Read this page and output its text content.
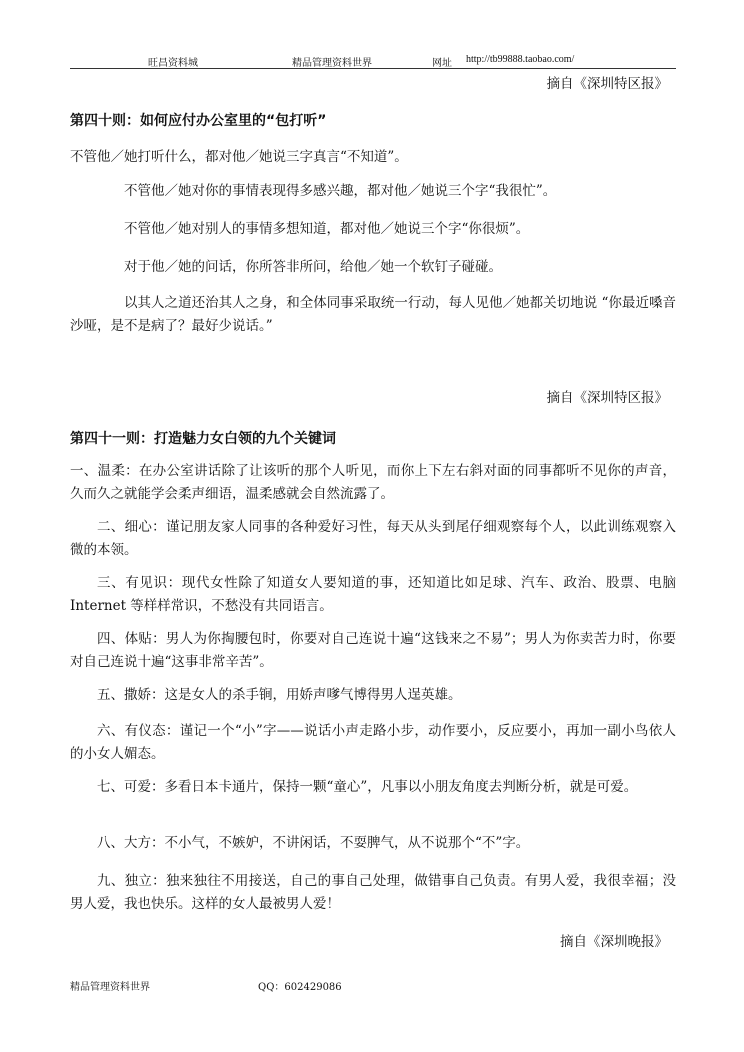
旺昌资料城	精品管理资料世界	网址 http://tb99888.taobao.com/
摘自《深圳特区报》
第四十则：如何应付办公室里的“包打听”

不管他／她打听什么，都对他／她说三字真言“不知道”。

不管他／她对你的事情表现得多感兴趣，都对他／她说三个字“我很忙”。

不管他／她对别人的事情多想知道，都对他／她说三个字“你很烦”。

对于他／她的问话，你所答非所问，给他／她一个软钉子碰碰。

以其人之道还治其人之身，和全体同事采取统一行动，每人见他／她都关切地说 “你最近嗓音沙哑，是不是病了？最好少说话。”

摘自《深圳特区报》
第四十一则：打造魅力女白领的九个关键词

一、温柔：在办公室讲话除了让该听的那个人听见，而你上下左右斜对面的同事都听不见你的声音，久而久之就能学会柔声细语，温柔感就会自然流露了。

二、细心：谨记朋友家人同事的各种爱好习性，每天从头到尾仔细观察每个人，以此训练观察入微的本领。

三、有见识：现代女性除了知道女人要知道的事，还知道比如足球、汽车、政治、股票、电脑 Internet 等样样常识，不愁没有共同语言。

四、体贴：男人为你掏腰包时，你要对自己连说十遍“这钱来之不易”；男人为你卖苦力时，你要对自己连说十遍“这事非常辛苦”。

五、撒娇：这是女人的杀手锏，用娇声嗲气博得男人逞英雄。

六、有仪态：谨记一个“小”字——说话小声走路小步，动作要小，反应要小，再加一副小鸟依人的小女人媚态。

七、可爱：多看日本卡通片，保持一颗“童心”，凡事以小朋友角度去判断分析，就是可爱。

八、大方：不小气，不嫉妒，不讲闲话，不耍脾气，从不说那个“不”字。

九、独立：独来独往不用接送，自己的事自己处理，做错事自己负责。有男人爱，我很幸福；没男人爱，我也快乐。这样的女人最被男人爱！

摘自《深圳晚报》
精品管理资料世界	QQ：602429086
